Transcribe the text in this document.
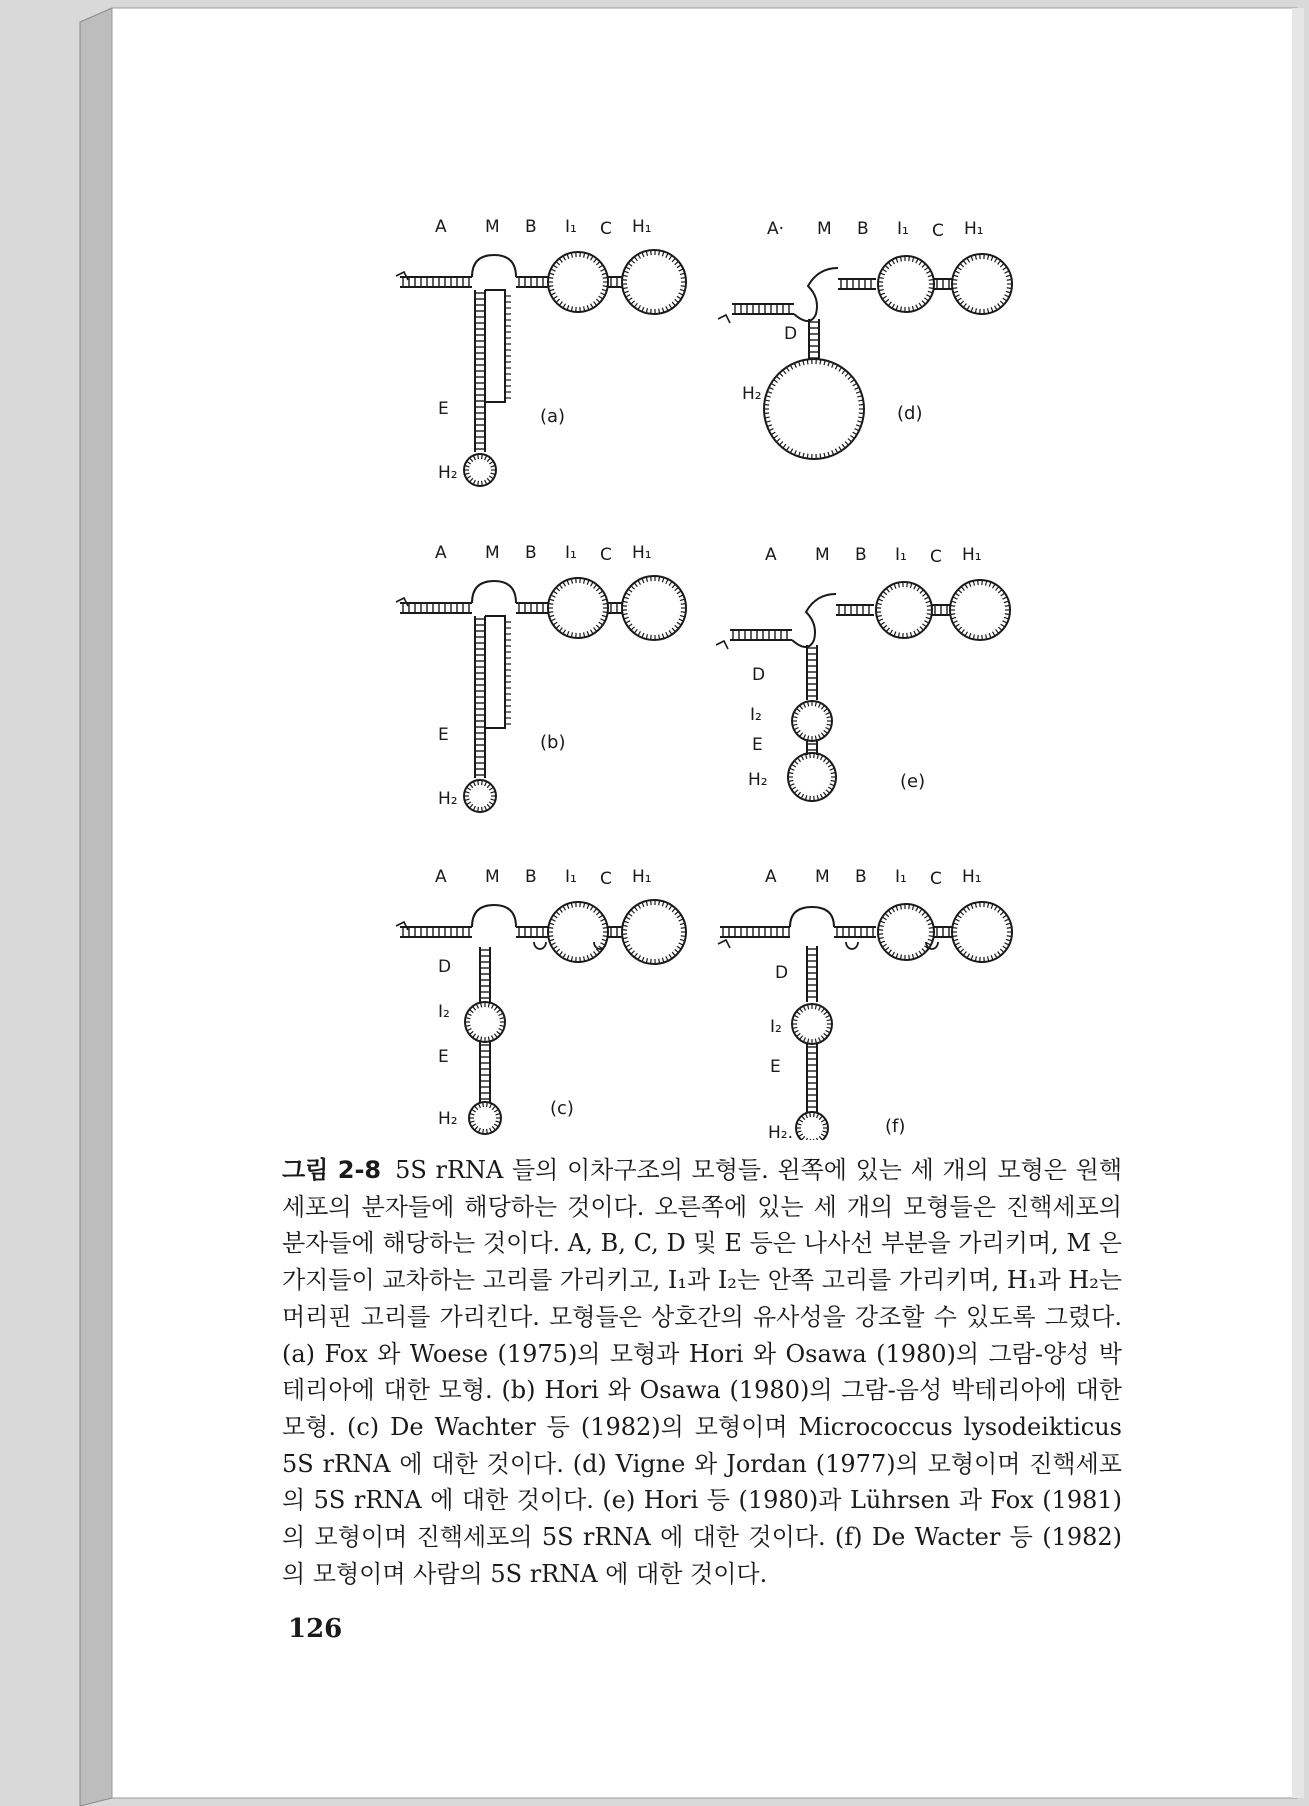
A M B I₁ C H₁
E
H₂
(a)
A· M B I₁ C H₁
D
H₂
(d)
A M B I₁ C H₁
E
H₂
(b)
A M B I₁ C H₁
D
I₂
E
H₂	(e)
A M B I₁ C H₁
D
I₂
E
H₂	(c)
A M B I₁ C H₁
D
I₂
E
H₂.	(f)

그림 2-8 5S rRNA 들의 이차구조의 모형들. 왼쪽에 있는 세 개의 모형은 원핵세포의 분자들에 해당하는 것이다. 오른쪽에 있는 세 개의 모형들은 진핵세포의 분자들에 해당하는 것이다. A, B, C, D 및 E 등은 나사선 부분을 가리키며, M 은 가지들이 교차하는 고리를 가리키고, I₁과 I₂는 안쪽 고리를 가리키며, H₁과 H₂는 머리핀 고리를 가리킨다. 모형들은 상호간의 유사성을 강조할 수 있도록 그렸다. (a) Fox 와 Woese (1975)의 모형과 Hori 와 Osawa (1980)의 그람-양성 박테리아에 대한 모형. (b) Hori 와 Osawa (1980)의 그람-음성 박테리아에 대한 모형. (c) De Wachter 등 (1982)의 모형이며 Micrococcus lysodeikticus 5S rRNA 에 대한 것이다. (d) Vigne 와 Jordan (1977)의 모형이며 진핵세포의 5S rRNA 에 대한 것이다. (e) Hori 등 (1980)과 Lührsen 과 Fox (1981)의 모형이며 진핵세포의 5S rRNA 에 대한 것이다. (f) De Wacter 등 (1982)의 모형이며 사람의 5S rRNA 에 대한 것이다.

126
